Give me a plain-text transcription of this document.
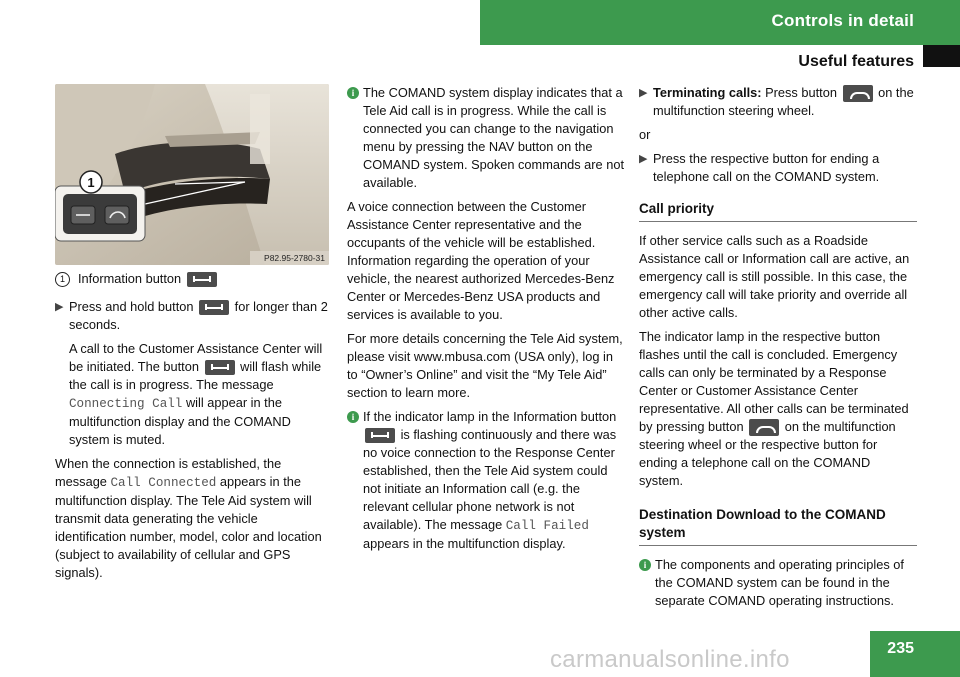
Controls in detail
Useful features
1
P82.95-2780-31

1 Information button

▶ Press and hold button	for longer than 2 seconds.

A call to the Customer Assistance Center will be initiated. The button	will flash while the call is in progress. The message Connecting Call will appear in the multifunction display and the COMAND system is muted.

When the connection is established, the message Call Connected appears in the multifunction display. The Tele Aid system will transmit data generating the vehicle identification number, model, color and location (subject to availability of cellular and GPS signals).

i The COMAND system display indicates that a Tele Aid call is in progress. While the call is connected you can change to the navigation menu by pressing the NAV button on the COMAND system. Spoken commands are not available.

A voice connection between the Customer Assistance Center representative and the occupants of the vehicle will be established. Information regarding the operation of your vehicle, the nearest authorized Mercedes-Benz Center or Mercedes-Benz USA products and services is available to you.

For more details concerning the Tele Aid system, please visit www.mbusa.com (USA only), log in to “Owner’s Online” and visit the “My Tele Aid” section to learn more.

i If the indicator lamp in the Information button  is flashing continuously and there was no voice connection to the Response Center established, then the Tele Aid system could not initiate an Information call (e.g. the relevant cellular phone network is not available). The message Call Failed appears in the multifunction display.

▶ Terminating calls: Press button	on the multifunction steering wheel.

or

▶ Press the respective button for ending a telephone call on the COMAND system.

Call priority

If other service calls such as a Roadside Assistance call or Information call are active, an emergency call is still possible. In this case, the emergency call will take priority and override all other active calls.

The indicator lamp in the respective button flashes until the call is concluded. Emergency calls can only be terminated by a Response Center or Customer Assistance Center representative. All other calls can be terminated by pressing button	on the multifunction steering wheel or the respective button for ending a telephone call on the COMAND system.

Destination Download to the COMAND system

i The components and operating principles of the COMAND system can be found in the separate COMAND operating instructions.

235
carmanualsonline.info
